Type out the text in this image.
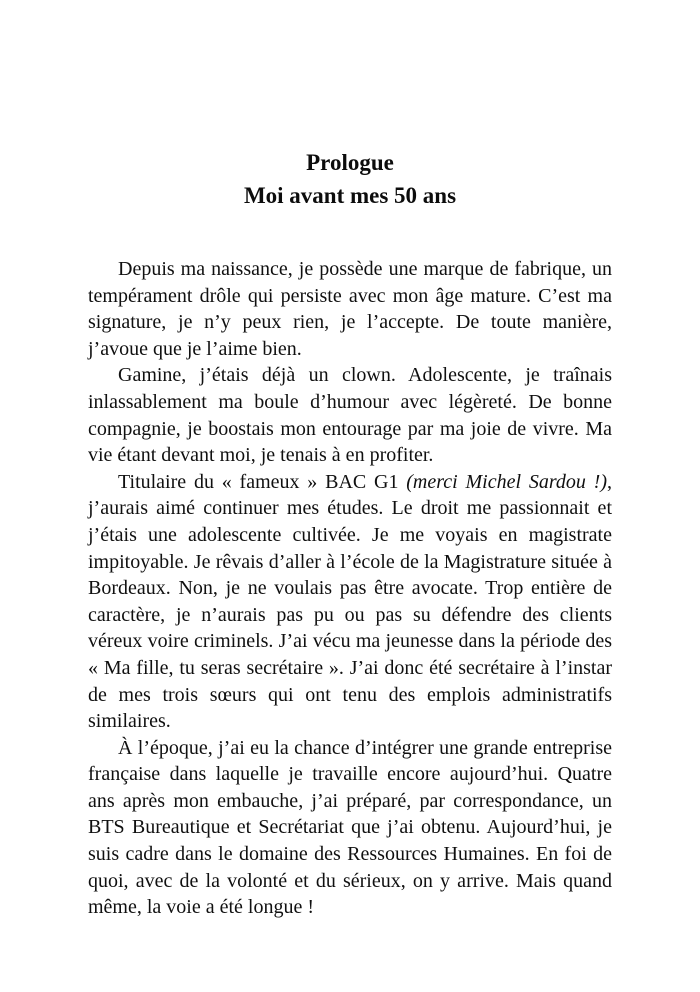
Prologue
Moi avant mes 50 ans

Depuis ma naissance, je possède une marque de fabrique, un tempérament drôle qui persiste avec mon âge mature. C’est ma signature, je n’y peux rien, je l’accepte. De toute manière, j’avoue que je l’aime bien.

Gamine, j’étais déjà un clown. Adolescente, je traînais inlassablement ma boule d’humour avec légèreté. De bonne compagnie, je boostais mon entourage par ma joie de vivre. Ma vie étant devant moi, je tenais à en profiter.

Titulaire du « fameux » BAC G1 (merci Michel Sardou !), j’aurais aimé continuer mes études. Le droit me passionnait et j’étais une adolescente cultivée. Je me voyais en magistrate impitoyable. Je rêvais d’aller à l’école de la Magistrature située à Bordeaux. Non, je ne voulais pas être avocate. Trop entière de caractère, je n’aurais pas pu ou pas su défendre des clients véreux voire criminels. J’ai vécu ma jeunesse dans la période des « Ma fille, tu seras secrétaire ». J’ai donc été secrétaire à l’instar de mes trois sœurs qui ont tenu des emplois administratifs similaires.

À l’époque, j’ai eu la chance d’intégrer une grande entreprise française dans laquelle je travaille encore aujourd’hui. Quatre ans après mon embauche, j’ai préparé, par correspondance, un BTS Bureautique et Secrétariat que j’ai obtenu. Aujourd’hui, je suis cadre dans le domaine des Ressources Humaines. En foi de quoi, avec de la volonté et du sérieux, on y arrive. Mais quand même, la voie a été longue !
